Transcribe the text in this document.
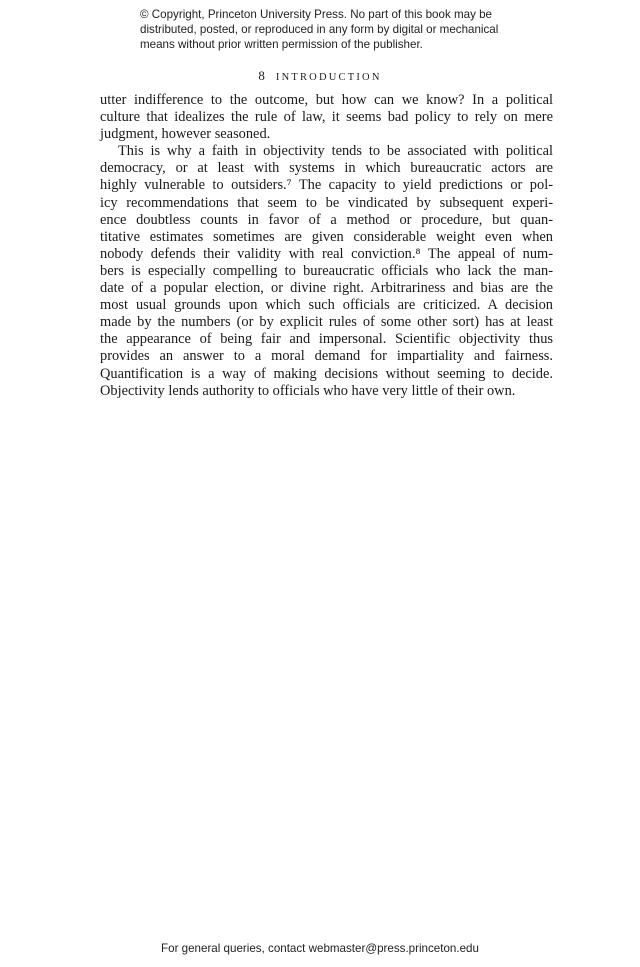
© Copyright, Princeton University Press. No part of this book may be
distributed, posted, or reproduced in any form by digital or mechanical
means without prior written permission of the publisher.
8 INTRODUCTION
utter indifference to the outcome, but how can we know? In a political
culture that idealizes the rule of law, it seems bad policy to rely on mere
judgment, however seasoned.
This is why a faith in objectivity tends to be associated with political
democracy, or at least with systems in which bureaucratic actors are
highly vulnerable to outsiders.⁷ The capacity to yield predictions or pol-
icy recommendations that seem to be vindicated by subsequent experi-
ence doubtless counts in favor of a method or procedure, but quan-
titative estimates sometimes are given considerable weight even when
nobody defends their validity with real conviction.⁸ The appeal of num-
bers is especially compelling to bureaucratic officials who lack the man-
date of a popular election, or divine right. Arbitrariness and bias are the
most usual grounds upon which such officials are criticized. A decision
made by the numbers (or by explicit rules of some other sort) has at least
the appearance of being fair and impersonal. Scientific objectivity thus
provides an answer to a moral demand for impartiality and fairness.
Quantification is a way of making decisions without seeming to decide.
Objectivity lends authority to officials who have very little of their own.
For general queries, contact webmaster@press.princeton.edu
